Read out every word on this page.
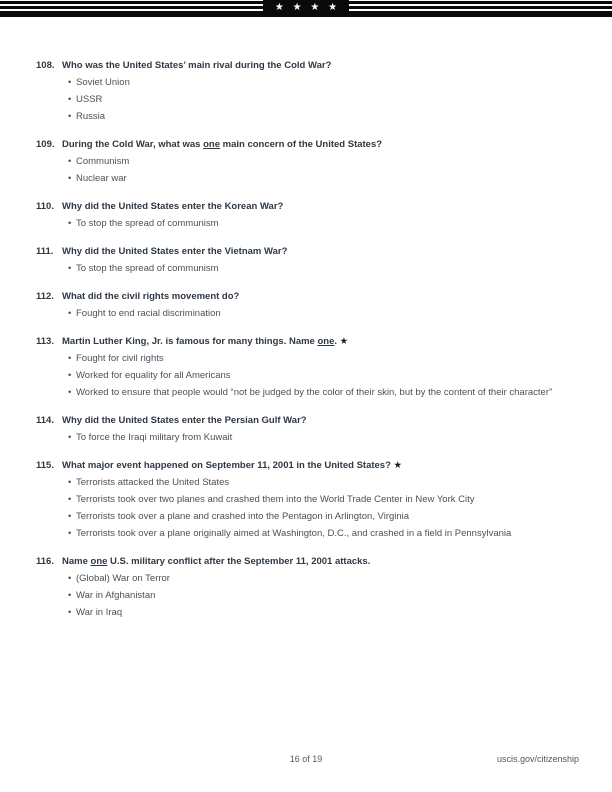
★ ★ ★ ★
108. Who was the United States’ main rival during the Cold War?
• Soviet Union
• USSR
• Russia
109. During the Cold War, what was one main concern of the United States?
• Communism
• Nuclear war
110. Why did the United States enter the Korean War?
• To stop the spread of communism
111. Why did the United States enter the Vietnam War?
• To stop the spread of communism
112. What did the civil rights movement do?
• Fought to end racial discrimination
113. Martin Luther King, Jr. is famous for many things. Name one. ★
• Fought for civil rights
• Worked for equality for all Americans
• Worked to ensure that people would “not be judged by the color of their skin, but by the content of their character”
114. Why did the United States enter the Persian Gulf War?
• To force the Iraqi military from Kuwait
115. What major event happened on September 11, 2001 in the United States? ★
• Terrorists attacked the United States
• Terrorists took over two planes and crashed them into the World Trade Center in New York City
• Terrorists took over a plane and crashed into the Pentagon in Arlington, Virginia
• Terrorists took over a plane originally aimed at Washington, D.C., and crashed in a field in Pennsylvania
116. Name one U.S. military conflict after the September 11, 2001 attacks.
• (Global) War on Terror
• War in Afghanistan
• War in Iraq
16 of 19	uscis.gov/citizenship
